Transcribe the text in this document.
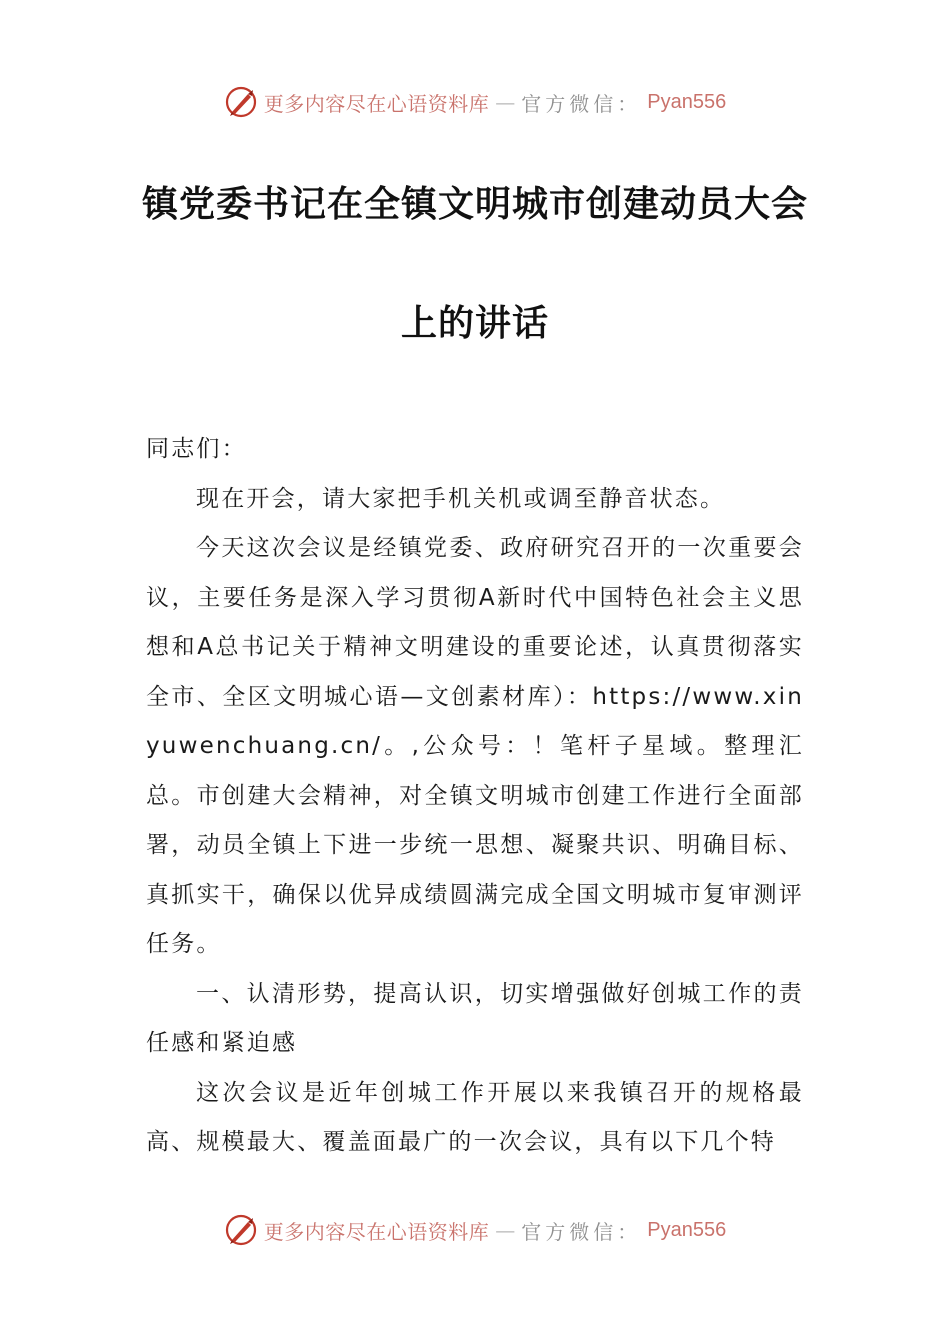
更多内容尽在心语资料库 — 官方微信： Pyan556
镇党委书记在全镇文明城市创建动员大会
上的讲话

同志们：

现在开会，请大家把手机关机或调至静音状态。

今天这次会议是经镇党委、政府研究召开的一次重要会议，主要任务是深入学习贯彻A新时代中国特色社会主义思想和A总书记关于精神文明建设的重要论述，认真贯彻落实全市、全区文明城心语—文创素材库）：https://www.xinyuwenchuang.cn/。,公众号：！笔杆子星域。整理汇总。市创建大会精神，对全镇文明城市创建工作进行全面部署，动员全镇上下进一步统一思想、凝聚共识、明确目标、真抓实干，确保以优异成绩圆满完成全国文明城市复审测评任务。

一、认清形势，提高认识，切实增强做好创城工作的责任感和紧迫感

这次会议是近年创城工作开展以来我镇召开的规格最高、规模最大、覆盖面最广的一次会议，具有以下几个特

更多内容尽在心语资料库 — 官方微信： Pyan556
